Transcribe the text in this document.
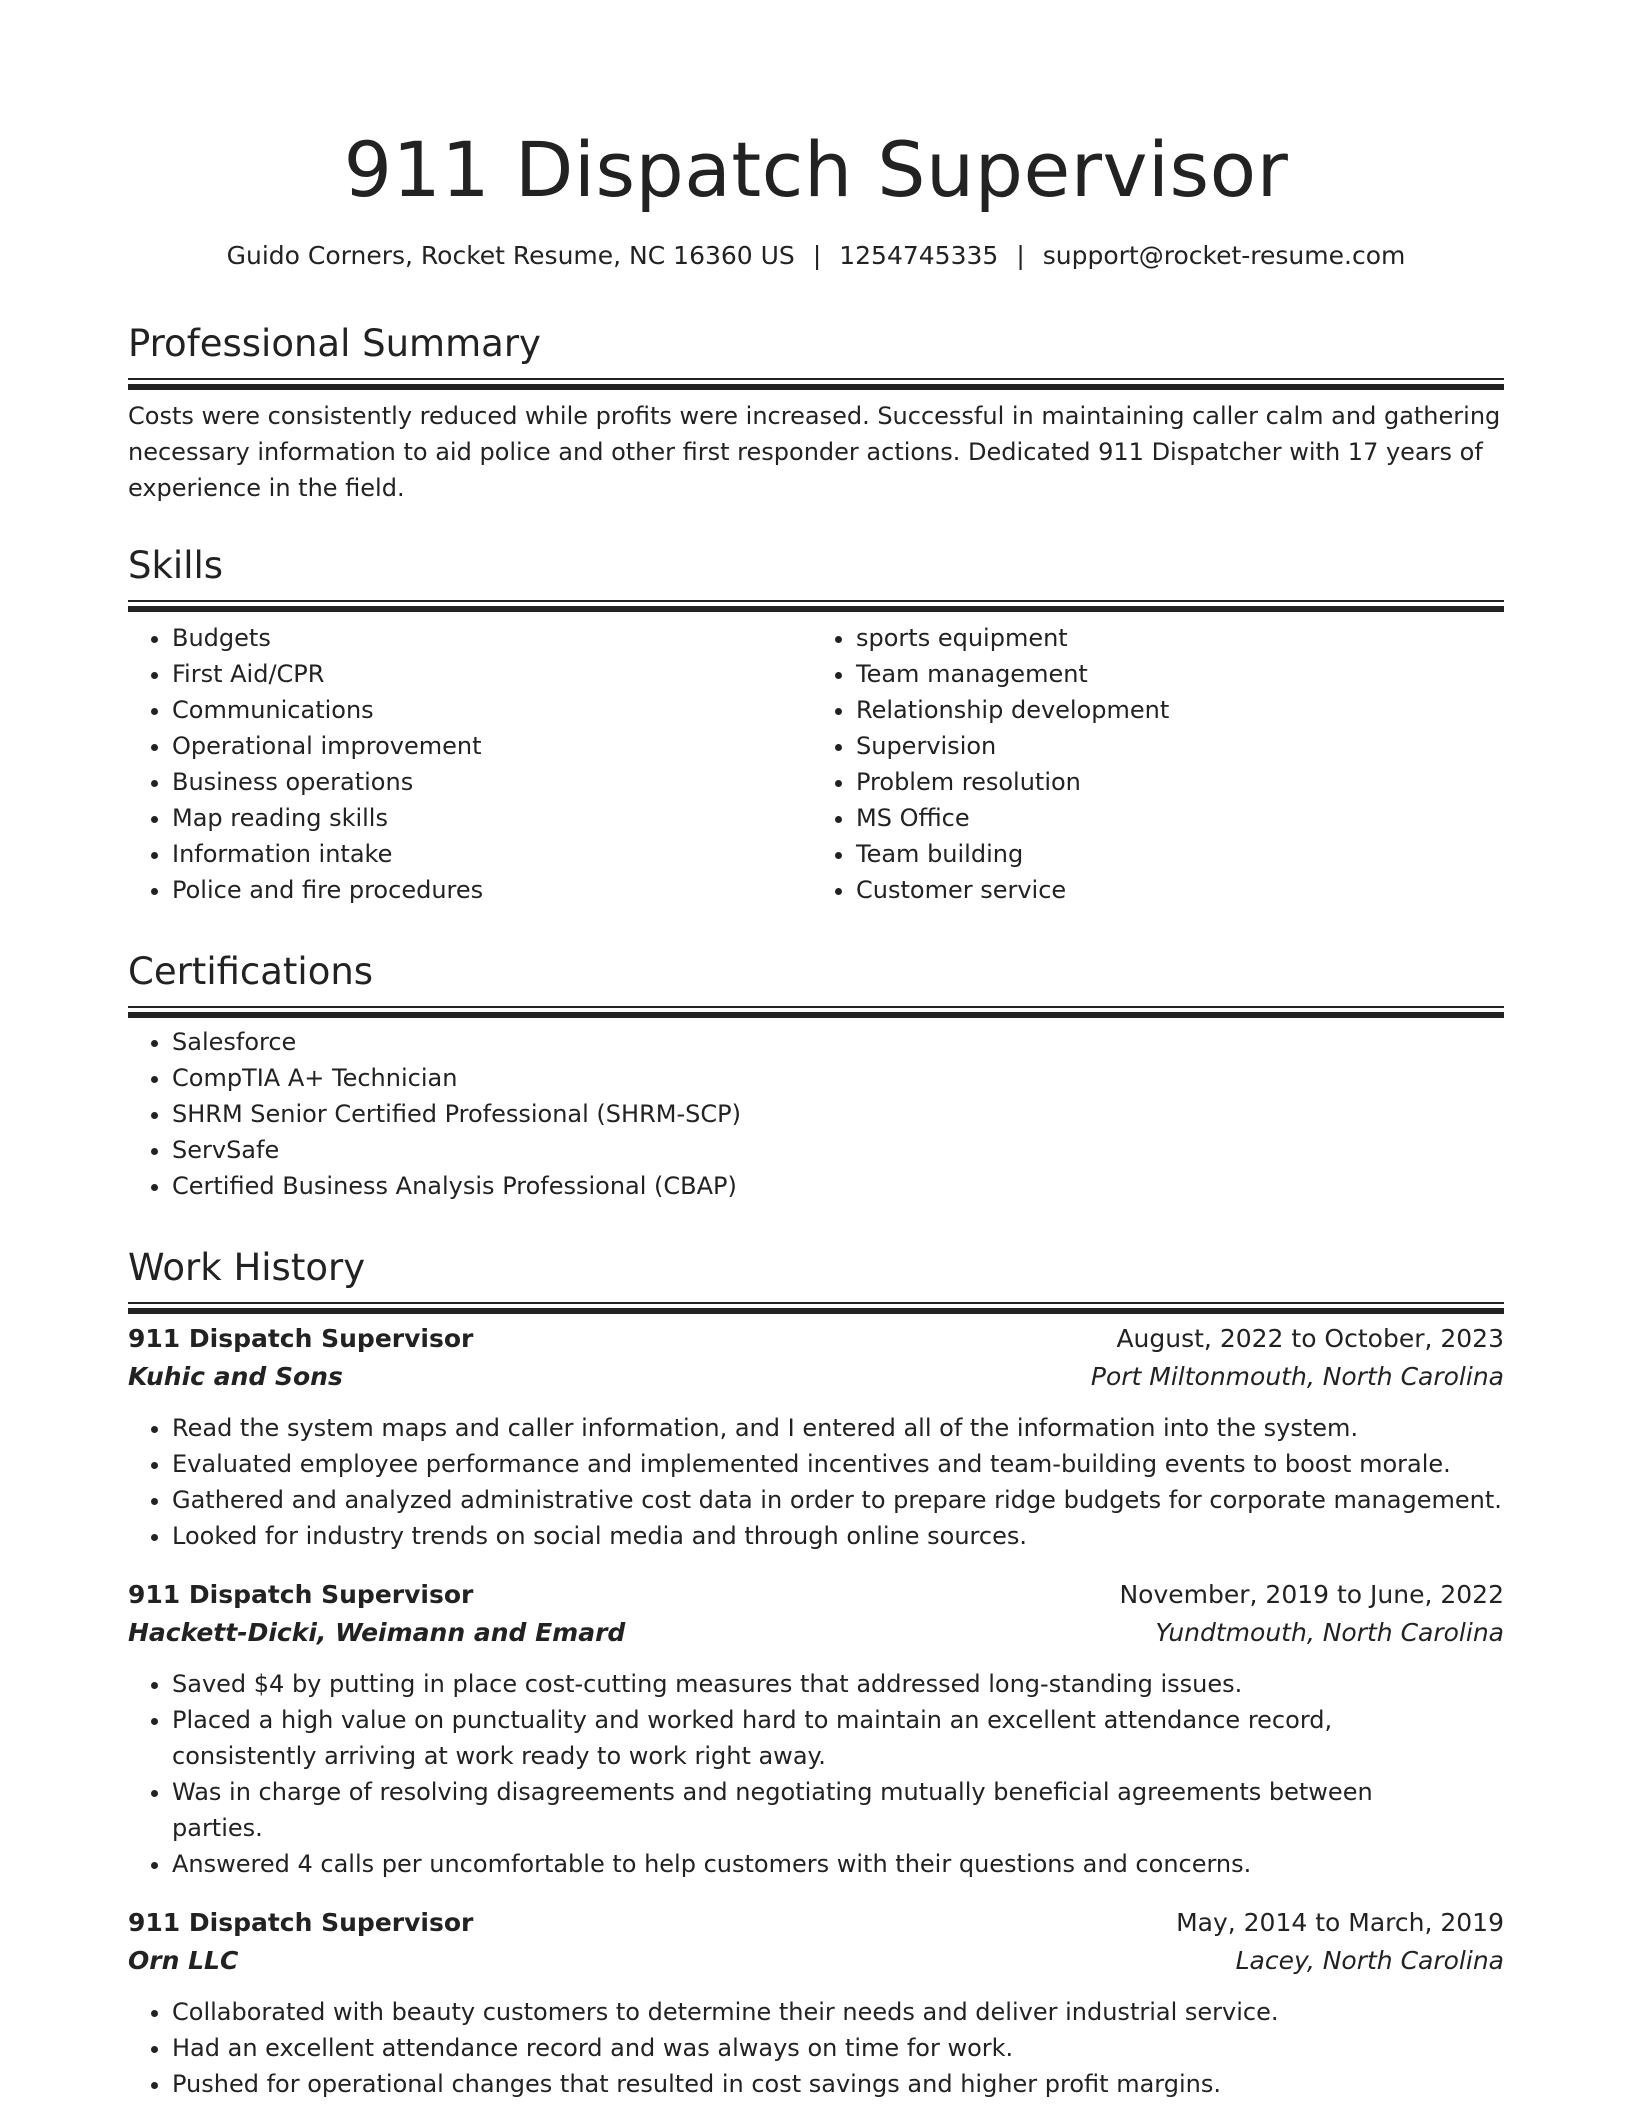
911 Dispatch Supervisor
Guido Corners, Rocket Resume, NC 16360 US | 1254745335 | support@rocket-resume.com
Professional Summary

Costs were consistently reduced while profits were increased. Successful in maintaining caller calm and gathering necessary information to aid police and other first responder actions. Dedicated 911 Dispatcher with 17 years of experience in the field.

Skills
• Budgets
• First Aid/CPR
• Communications
• Operational improvement
• Business operations
• Map reading skills
• Information intake
• Police and fire procedures
• sports equipment
• Team management
• Relationship development
• Supervision
• Problem resolution
• MS Office
• Team building
• Customer service
Certifications
• Salesforce
• CompTIA A+ Technician
• SHRM Senior Certified Professional (SHRM-SCP)
• ServSafe
• Certified Business Analysis Professional (CBAP)
Work History
911 Dispatch Supervisor	August, 2022 to October, 2023
Kuhic and Sons	Port Miltonmouth, North Carolina
• Read the system maps and caller information, and I entered all of the information into the system.
• Evaluated employee performance and implemented incentives and team-building events to boost morale.
• Gathered and analyzed administrative cost data in order to prepare ridge budgets for corporate management.
• Looked for industry trends on social media and through online sources.
911 Dispatch Supervisor	November, 2019 to June, 2022
Hackett-Dicki, Weimann and Emard	Yundtmouth, North Carolina
• Saved $4 by putting in place cost-cutting measures that addressed long-standing issues.
• Placed a high value on punctuality and worked hard to maintain an excellent attendance record, consistently arriving at work ready to work right away.
• Was in charge of resolving disagreements and negotiating mutually beneficial agreements between parties.
• Answered 4 calls per uncomfortable to help customers with their questions and concerns.
911 Dispatch Supervisor	May, 2014 to March, 2019
Orn LLC	Lacey, North Carolina
• Collaborated with beauty customers to determine their needs and deliver industrial service.
• Had an excellent attendance record and was always on time for work.
• Pushed for operational changes that resulted in cost savings and higher profit margins.
